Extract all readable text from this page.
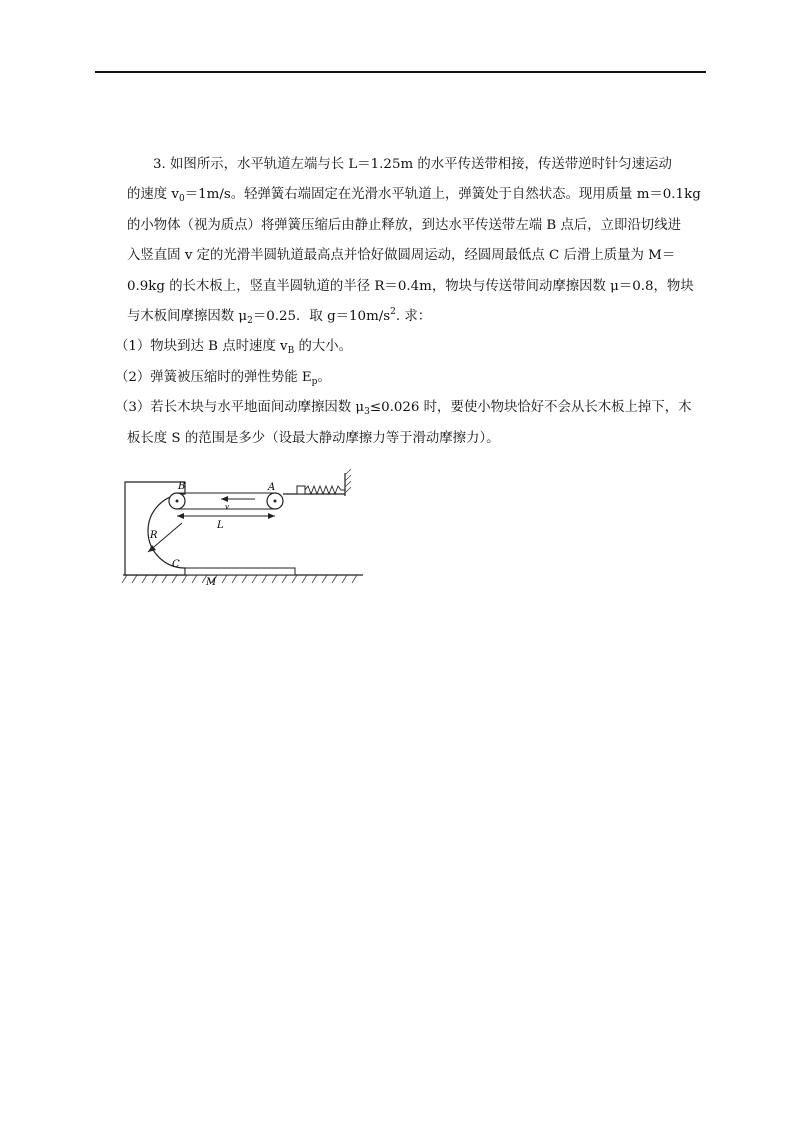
3. 如图所示，水平轨道左端与长 L＝1.25m 的水平传送带相接，传送带逆时针匀速运动
的速度 $v_0=1m/s$。轻弹簧右端固定在光滑水平轨道上，弹簧处于自然状态。现用质量 m＝0.1kg
的小物体（视为质点）将弹簧压缩后由静止释放，到达水平传送带左端 B 点后，立即沿切线进
入竖直固 v 定的光滑半圆轨道最高点并恰好做圆周运动，经圆周最低点 C 后滑上质量为 M＝
0.9kg 的长木板上，竖直半圆轨道的半径 R＝0.4m，物块与传送带间动摩擦因数 μ＝0.8，物块
与木板间摩擦因数 $\mu_2=0.25$．取 $g=10m/s^2$. 求：
（1）物块到达 B 点时速度 $v_B$ 的大小。
（2）弹簧被压缩时的弹性势能 $E_p$。
（3）若长木块与水平地面间动摩擦因数 $\mu_3\le 0.026$ 时，要使小物块恰好不会从长木板上掉下，木
板长度 S 的范围是多少（设最大静动摩擦力等于滑动摩擦力）。
B	A
v
L
R
C
M
